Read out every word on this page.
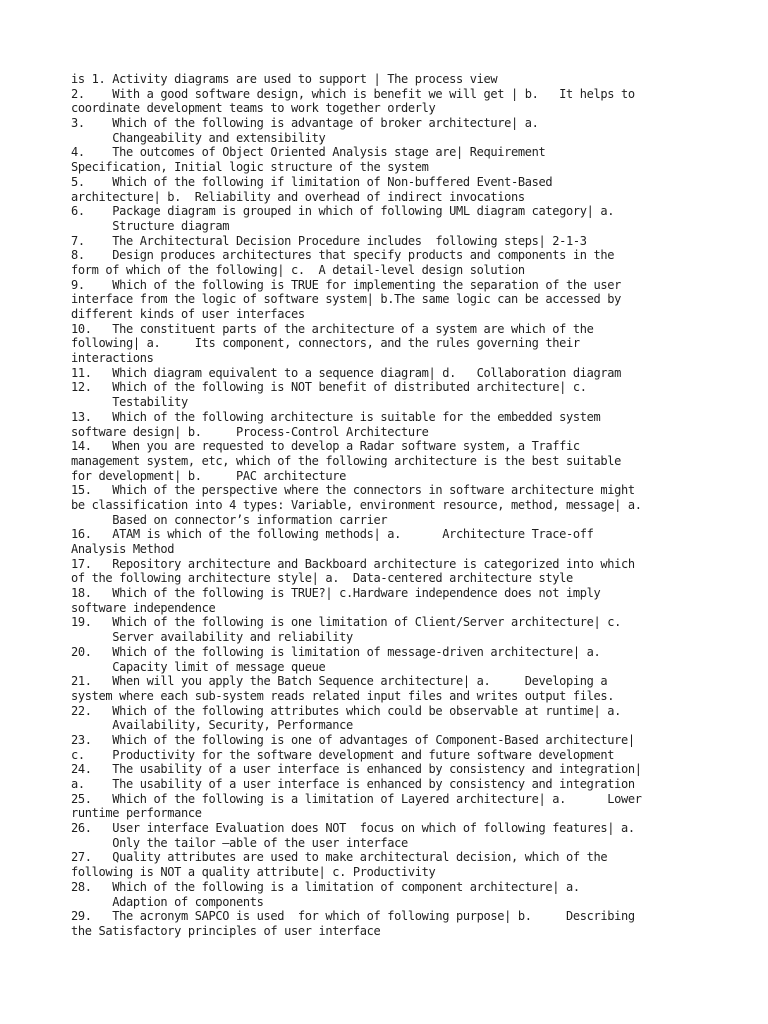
is 1. Activity diagrams are used to support | The process view
2.    With a good software design, which is benefit we will get | b.   It helps to
coordinate development teams to work together orderly
3.    Which of the following is advantage of broker architecture| a.
Changeability and extensibility
4.    The outcomes of Object Oriented Analysis stage are| Requirement
Specification, Initial logic structure of the system
5.    Which of the following if limitation of Non-buffered Event-Based
architecture| b.  Reliability and overhead of indirect invocations
6.    Package diagram is grouped in which of following UML diagram category| a.
Structure diagram
7.    The Architectural Decision Procedure includes  following steps| 2-1-3
8.    Design produces architectures that specify products and components in the
form of which of the following| c.  A detail-level design solution
9.    Which of the following is TRUE for implementing the separation of the user
interface from the logic of software system| b.The same logic can be accessed by
different kinds of user interfaces
10.   The constituent parts of the architecture of a system are which of the
following| a.     Its component, connectors, and the rules governing their
interactions
11.   Which diagram equivalent to a sequence diagram| d.   Collaboration diagram
12.   Which of the following is NOT benefit of distributed architecture| c.
Testability
13.   Which of the following architecture is suitable for the embedded system
software design| b.     Process-Control Architecture
14.   When you are requested to develop a Radar software system, a Traffic
management system, etc, which of the following architecture is the best suitable
for development| b.     PAC architecture
15.   Which of the perspective where the connectors in software architecture might
be classification into 4 types: Variable, environment resource, method, message| a.
Based on connector’s information carrier
16.   ATAM is which of the following methods| a.      Architecture Trace-off
Analysis Method
17.   Repository architecture and Backboard architecture is categorized into which
of the following architecture style| a.  Data-centered architecture style
18.   Which of the following is TRUE?| c.Hardware independence does not imply
software independence
19.   Which of the following is one limitation of Client/Server architecture| c.
Server availability and reliability
20.   Which of the following is limitation of message-driven architecture| a.
Capacity limit of message queue
21.   When will you apply the Batch Sequence architecture| a.     Developing a
system where each sub-system reads related input files and writes output files.
22.   Which of the following attributes which could be observable at runtime| a.
Availability, Security, Performance
23.   Which of the following is one of advantages of Component-Based architecture|
c.    Productivity for the software development and future software development
24.   The usability of a user interface is enhanced by consistency and integration|
a.    The usability of a user interface is enhanced by consistency and integration
25.   Which of the following is a limitation of Layered architecture| a.      Lower
runtime performance
26.   User interface Evaluation does NOT  focus on which of following features| a.
Only the tailor –able of the user interface
27.   Quality attributes are used to make architectural decision, which of the
following is NOT a quality attribute| c. Productivity
28.   Which of the following is a limitation of component architecture| a.
Adaption of components
29.   The acronym SAPCO is used  for which of following purpose| b.     Describing
the Satisfactory principles of user interface
